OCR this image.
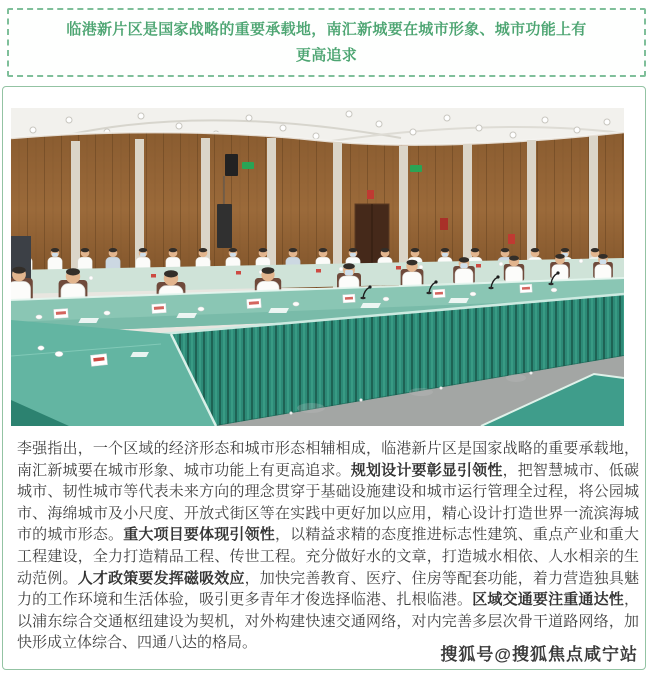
临港新片区是国家战略的重要承载地，南汇新城要在城市形象、城市功能上有更高追求

李强指出，一个区域的经济形态和城市形态相辅相成，临港新片区是国家战略的重要承载地，南汇新城要在城市形象、城市功能上有更高追求。规划设计要彰显引领性，把智慧城市、低碳城市、韧性城市等代表未来方向的理念贯穿于基础设施建设和城市运行管理全过程，将公园城市、海绵城市及小尺度、开放式街区等在实践中更好加以应用，精心设计打造世界一流滨海城市的城市形态。重大项目要体现引领性，以精益求精的态度推进标志性建筑、重点产业和重大工程建设，全力打造精品工程、传世工程。充分做好水的文章，打造城水相依、人水相亲的生动范例。人才政策要发挥磁吸效应，加快完善教育、医疗、住房等配套功能，着力营造独具魅力的工作环境和生活体验，吸引更多青年才俊选择临港、扎根临港。区域交通要注重通达性，以浦东综合交通枢纽建设为契机，对外构建快速交通网络，对内完善多层次骨干道路网络，加快形成立体综合、四通八达的格局。

搜狐号@搜狐焦点咸宁站
